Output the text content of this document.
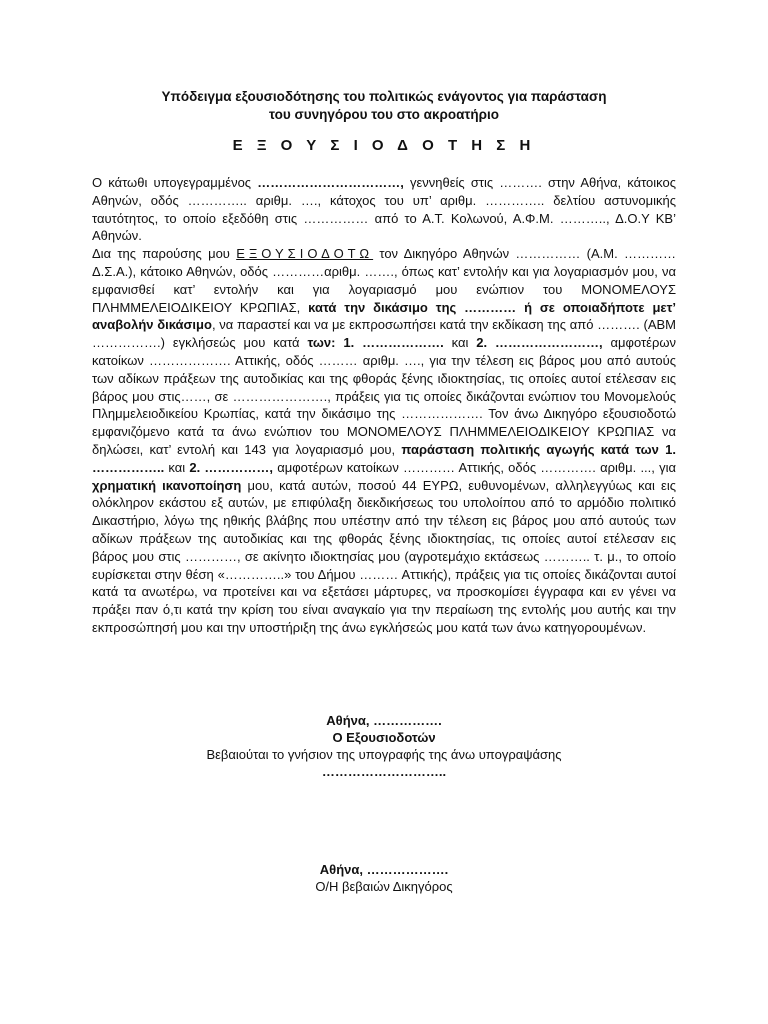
Υπόδειγμα εξουσιοδότησης του πολιτικώς ενάγοντος για παράσταση
του συνηγόρου του στο ακροατήριο
Ε Ξ Ο Υ Σ Ι Ο Δ Ο Τ Η Σ Η

Ο κάτωθι υπογεγραμμένος ……………………………, γεννηθείς στις ………. στην Αθήνα, κάτοικος Αθηνών, οδός ………….. αριθμ. …., κάτοχος του υπ’ αριθμ. ………….. δελτίου αστυνομικής ταυτότητος, το οποίο εξεδόθη στις …………… από το Α.Τ. Κολωνού, Α.Φ.Μ. ……….., Δ.Ο.Υ ΚΒ’ Αθηνών.

Δια της παρούσης μου ΕΞΟΥΣΙΟΔΟΤΩ τον Δικηγόρο Αθηνών …………… (Α.Μ. ………… Δ.Σ.Α.), κάτοικο Αθηνών, οδός …………αριθμ. ……., όπως κατ’ εντολήν και για λογαριασμόν μου, να εμφανισθεί κατ’ εντολήν και για λογαριασμό μου ενώπιον του ΜΟΝΟΜΕΛΟΥΣ ΠΛΗΜΜΕΛΕΙΟΔΙΚΕΙΟΥ ΚΡΩΠΙΑΣ, κατά την δικάσιμο της ………… ή σε οποιαδήποτε μετ’ αναβολήν δικάσιμο, να παραστεί και να με εκπροσωπήσει κατά την εκδίκαση της από ………. (ΑΒΜ …………….) εγκλήσεώς μου κατά των: 1. ………………. και 2. ……………………, αμφοτέρων κατοίκων ………………. Αττικής, οδός ……… αριθμ. …., για την τέλεση εις βάρος μου από αυτούς των αδίκων πράξεων της αυτοδικίας και της φθοράς ξένης ιδιοκτησίας, τις οποίες αυτοί ετέλεσαν εις βάρος μου στις……, σε …………………., πράξεις για τις οποίες δικάζονται ενώπιον του Μονομελούς Πλημμελειοδικείου Κρωπίας, κατά την δικάσιμο της ………………. Τον άνω Δικηγόρο εξουσιοδοτώ εμφανιζόμενο κατά τα άνω ενώπιον του ΜΟΝΟΜΕΛΟΥΣ ΠΛΗΜΜΕΛΕΙΟΔΙΚΕΙΟΥ ΚΡΩΠΙΑΣ να δηλώσει, κατ’ εντολή και 143 για λογαριασμό μου, παράσταση πολιτικής αγωγής κατά των 1. …………….. και 2. ……………, αμφοτέρων κατοίκων ………… Αττικής, οδός …………. αριθμ. ..., για χρηματική ικανοποίηση μου, κατά αυτών, ποσού 44 ΕΥΡΩ, ευθυνομένων, αλληλεγγύως και εις ολόκληρον εκάστου εξ αυτών, με επιφύλαξη διεκδικήσεως του υπολοίπου από το αρμόδιο πολιτικό Δικαστήριο, λόγω της ηθικής βλάβης που υπέστην από την τέλεση εις βάρος μου από αυτούς των αδίκων πράξεων της αυτοδικίας και της φθοράς ξένης ιδιοκτησίας, τις οποίες αυτοί ετέλεσαν εις βάρος μου στις …………, σε ακίνητο ιδιοκτησίας μου (αγροτεμάχιο εκτάσεως ……….. τ. μ., το οποίο ευρίσκεται στην θέση «…………..» του Δήμου ……… Αττικής), πράξεις για τις οποίες δικάζονται αυτοί κατά τα ανωτέρω, να προτείνει και να εξετάσει μάρτυρες, να προσκομίσει έγγραφα και εν γένει να πράξει παν ό,τι κατά την κρίση του είναι αναγκαίο για την περαίωση της εντολής μου αυτής και την εκπροσώπησή μου και την υποστήριξη της άνω εγκλήσεώς μου κατά των άνω κατηγορουμένων.

Αθήνα, …………….
Ο Εξουσιοδοτών
Βεβαιούται το γνήσιον της υπογραφής της άνω υπογραψάσης
………………………..
Αθήνα, ……………….
Ο/Η βεβαιών Δικηγόρος
